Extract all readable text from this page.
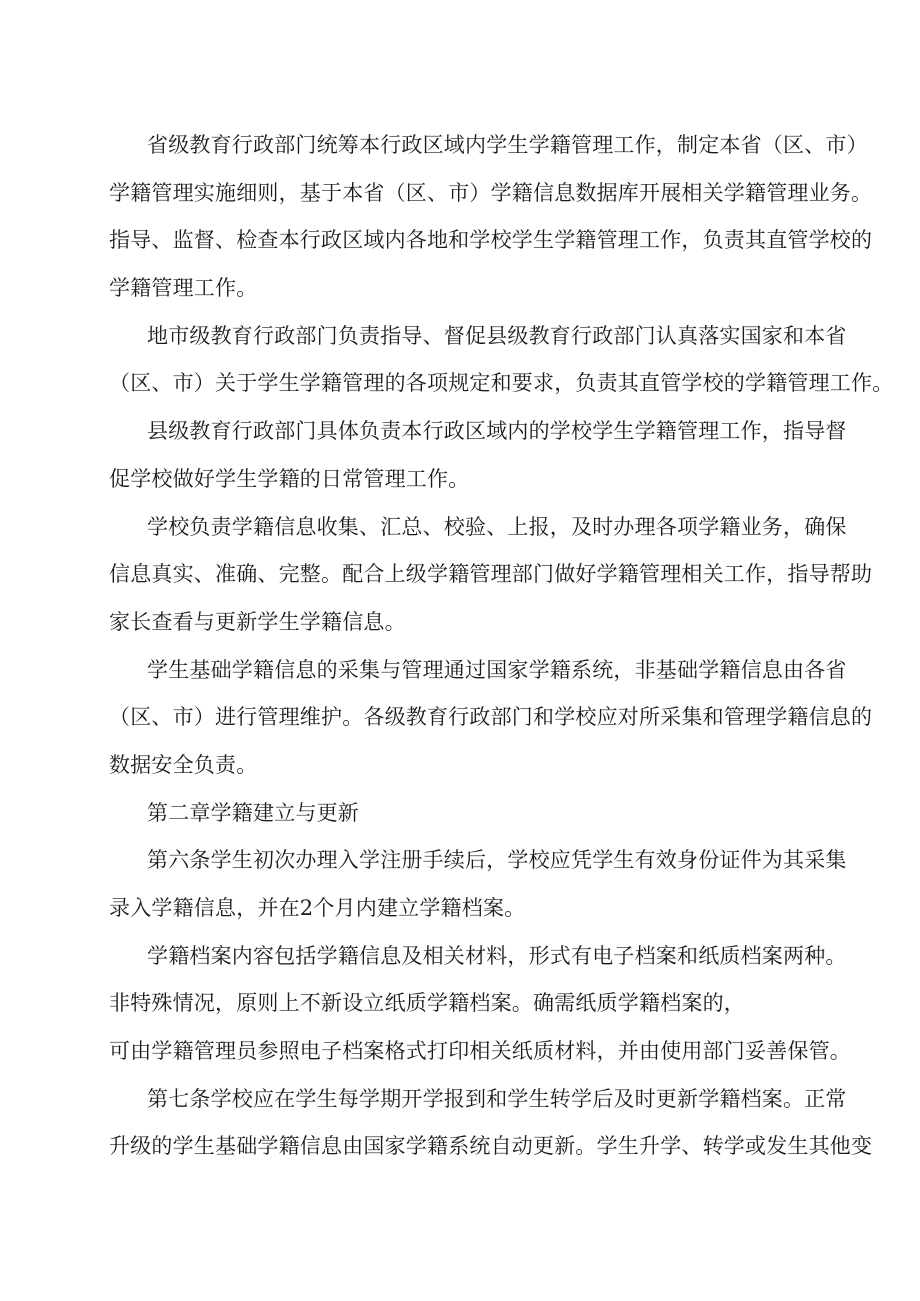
省级教育行政部门统筹本行政区域内学生学籍管理工作，制定本省（区、市）
学籍管理实施细则，基于本省（区、市）学籍信息数据库开展相关学籍管理业务。
指导、监督、检查本行政区域内各地和学校学生学籍管理工作，负责其直管学校的
学籍管理工作。
地市级教育行政部门负责指导、督促县级教育行政部门认真落实国家和本省
（区、市）关于学生学籍管理的各项规定和要求，负责其直管学校的学籍管理工作。
县级教育行政部门具体负责本行政区域内的学校学生学籍管理工作，指导督
促学校做好学生学籍的日常管理工作。
学校负责学籍信息收集、汇总、校验、上报，及时办理各项学籍业务，确保
信息真实、准确、完整。配合上级学籍管理部门做好学籍管理相关工作，指导帮助
家长查看与更新学生学籍信息。
学生基础学籍信息的采集与管理通过国家学籍系统，非基础学籍信息由各省
（区、市）进行管理维护。各级教育行政部门和学校应对所采集和管理学籍信息的
数据安全负责。
第二章学籍建立与更新
第六条学生初次办理入学注册手续后，学校应凭学生有效身份证件为其采集
录入学籍信息，并在2个月内建立学籍档案。
学籍档案内容包括学籍信息及相关材料，形式有电子档案和纸质档案两种。
非特殊情况，原则上不新设立纸质学籍档案。确需纸质学籍档案的，
可由学籍管理员参照电子档案格式打印相关纸质材料，并由使用部门妥善保管。
第七条学校应在学生每学期开学报到和学生转学后及时更新学籍档案。正常
升级的学生基础学籍信息由国家学籍系统自动更新。学生升学、转学或发生其他变
